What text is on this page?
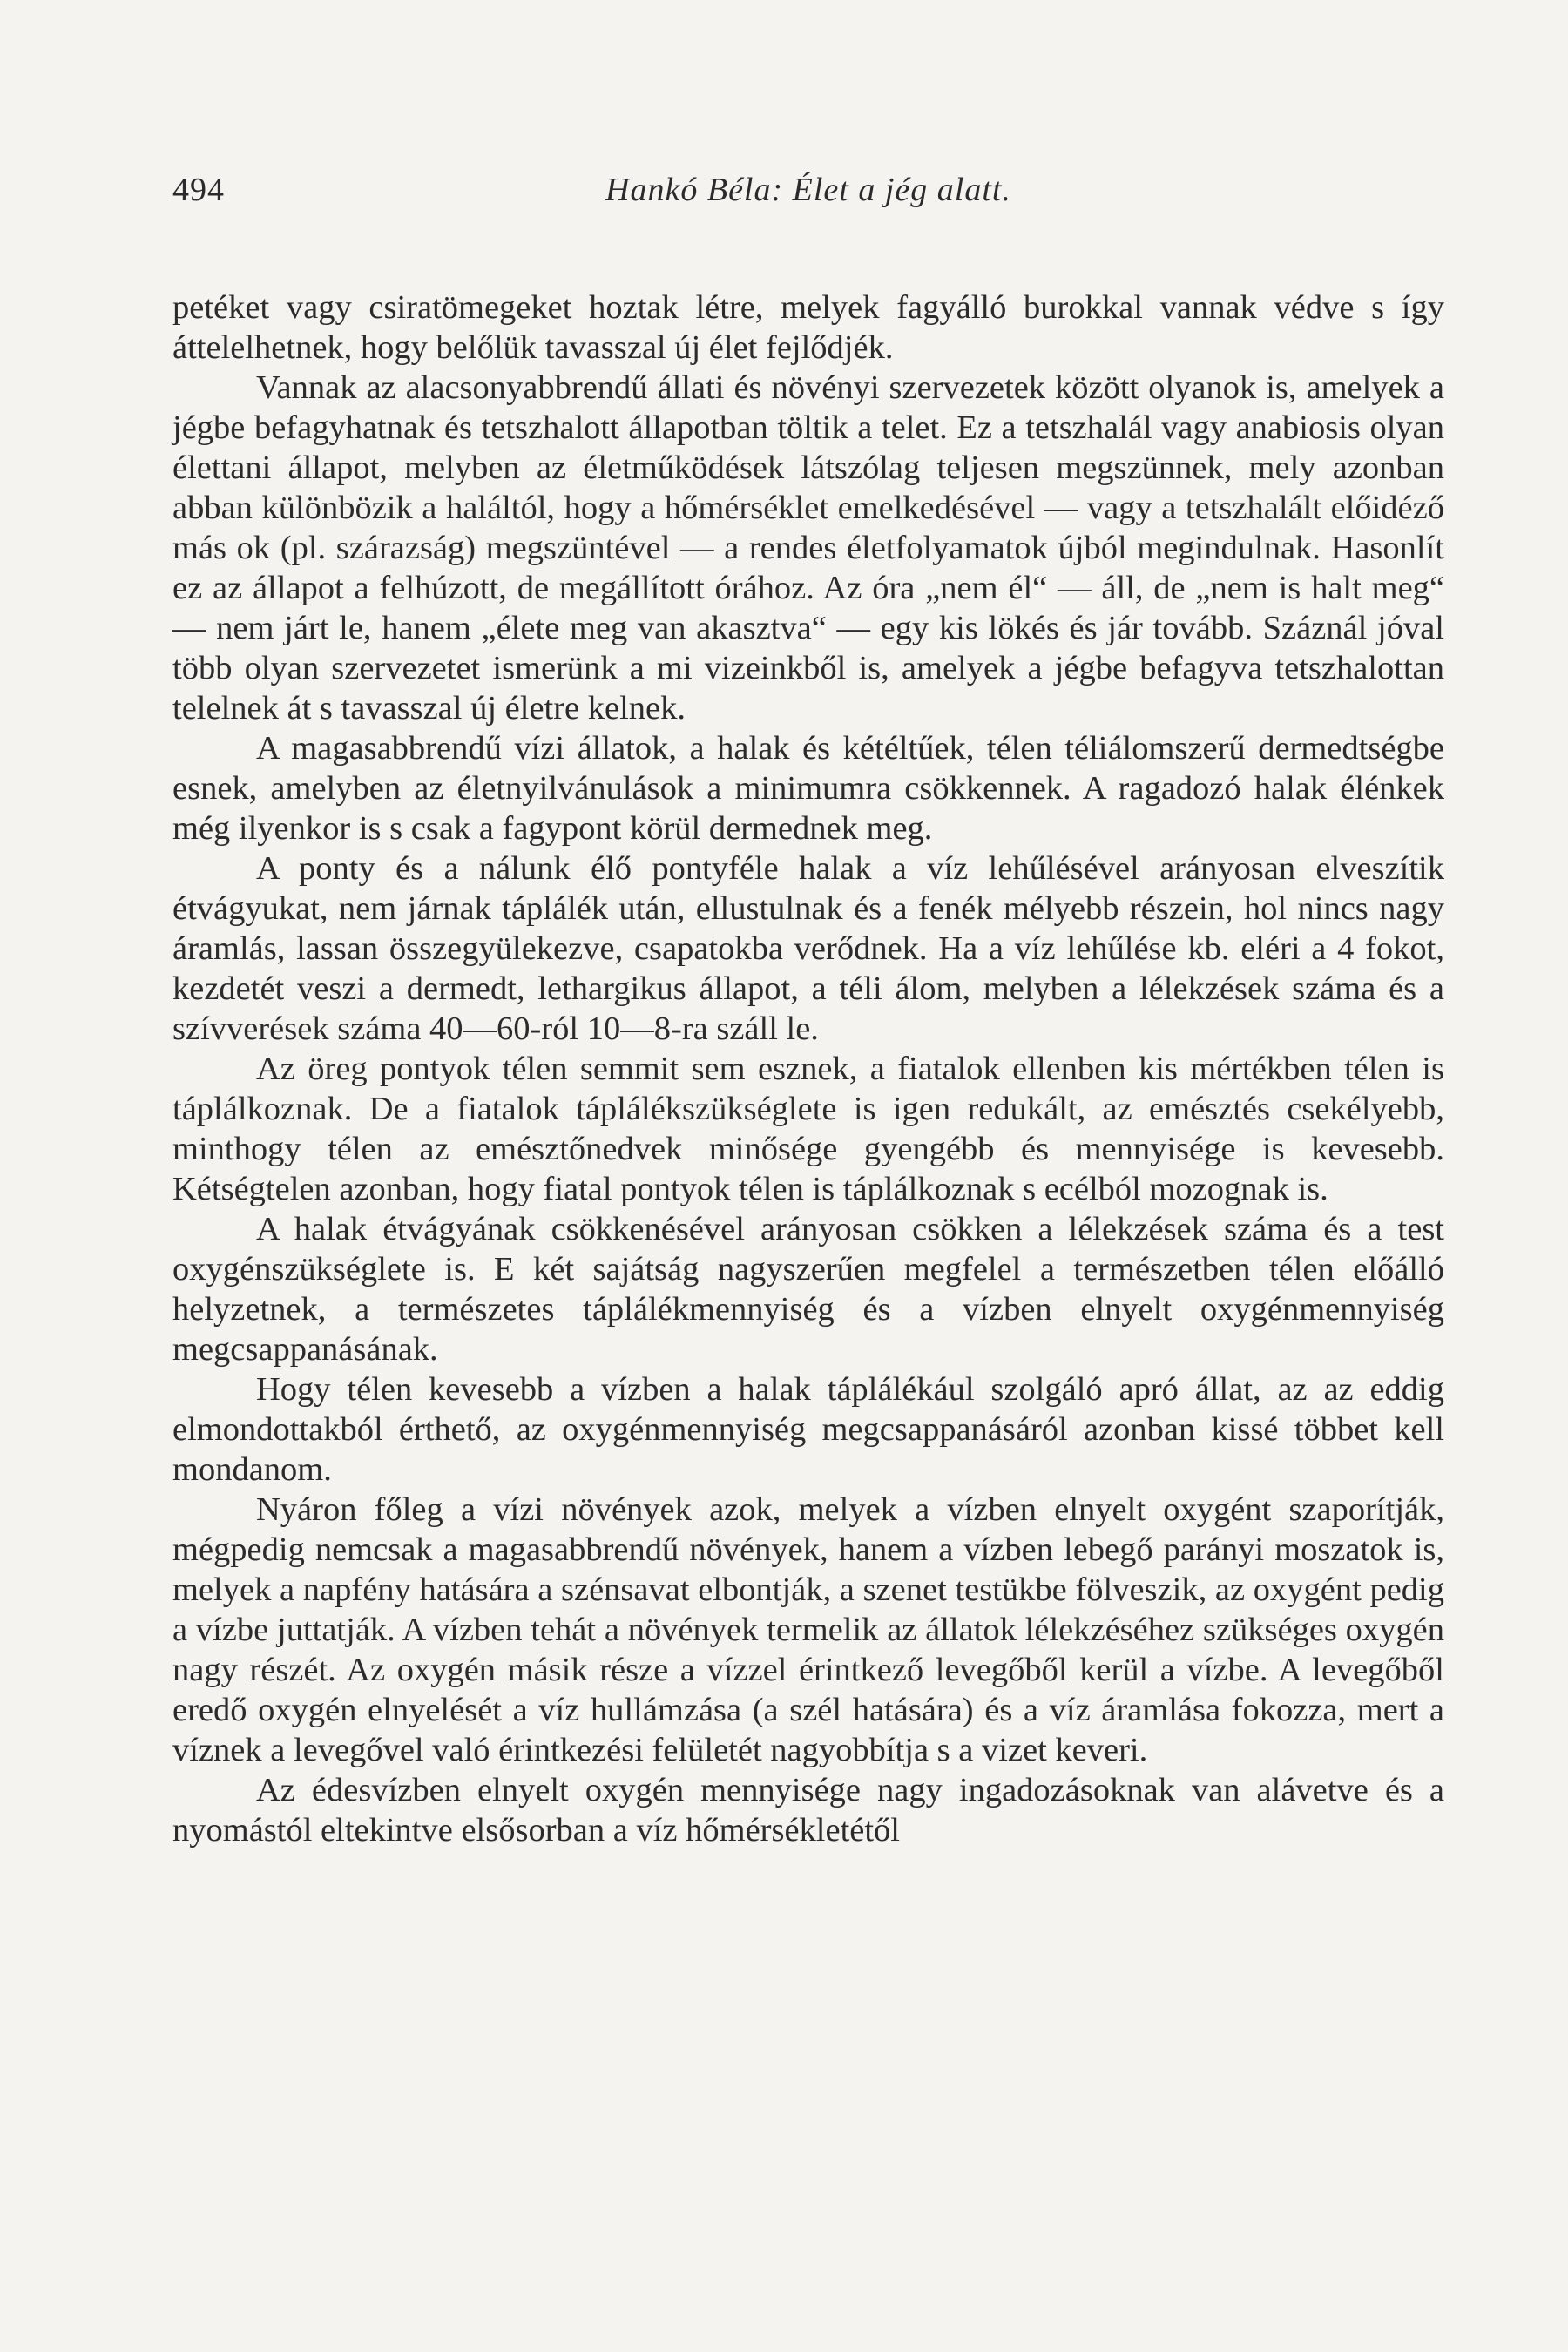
494	Hankó Béla: Élet a jég alatt.

petéket vagy csiratömegeket hoztak létre, melyek fagyálló burokkal vannak védve s így áttelelhetnek, hogy belőlük tavasszal új élet fejlődjék.

Vannak az alacsonyabbrendű állati és növényi szervezetek között olyanok is, amelyek a jégbe befagyhatnak és tetszhalott állapotban töltik a telet. Ez a tetszhalál vagy anabiosis olyan élettani állapot, melyben az életműködések látszólag teljesen megszünnek, mely azonban abban különbözik a haláltól, hogy a hőmérséklet emelkedésével — vagy a tetszhalált előidéző más ok (pl. szárazság) megszüntével — a rendes életfolyamatok újból megindulnak. Hasonlít ez az állapot a felhúzott, de megállított órához. Az óra „nem él“ — áll, de „nem is halt meg“ — nem járt le, hanem „élete meg van akasztva“ — egy kis lökés és jár tovább. Száznál jóval több olyan szervezetet ismerünk a mi vizeinkből is, amelyek a jégbe befagyva tetszhalottan telelnek át s tavasszal új életre kelnek.

A magasabbrendű vízi állatok, a halak és kétéltűek, télen téliálomszerű dermedtségbe esnek, amelyben az életnyilvánulások a minimumra csökkennek. A ragadozó halak élénkek még ilyenkor is s csak a fagypont körül dermednek meg.

A ponty és a nálunk élő pontyféle halak a víz lehűlésével arányosan elveszítik étvágyukat, nem járnak táplálék után, ellustulnak és a fenék mélyebb részein, hol nincs nagy áramlás, lassan összegyülekezve, csapatokba verődnek. Ha a víz lehűlése kb. eléri a 4 fokot, kezdetét veszi a dermedt, lethargikus állapot, a téli álom, melyben a lélekzések száma és a szívverések száma 40—60-ról 10—8-ra száll le.

Az öreg pontyok télen semmit sem esznek, a fiatalok ellenben kis mértékben télen is táplálkoznak. De a fiatalok táplálékszükséglete is igen redukált, az emésztés csekélyebb, minthogy télen az emésztőnedvek minősége gyengébb és mennyisége is kevesebb. Kétségtelen azonban, hogy fiatal pontyok télen is táplálkoznak s ecélból mozognak is.

A halak étvágyának csökkenésével arányosan csökken a lélekzések száma és a test oxygénszükséglete is. E két sajátság nagyszerűen megfelel a természetben télen előálló helyzetnek, a természetes táplálékmennyiség és a vízben elnyelt oxygénmennyiség megcsappanásának.

Hogy télen kevesebb a vízben a halak táplálékául szolgáló apró állat, az az eddig elmondottakból érthető, az oxygénmennyiség megcsappanásáról azonban kissé többet kell mondanom.

Nyáron főleg a vízi növények azok, melyek a vízben elnyelt oxygént szaporítják, mégpedig nemcsak a magasabbrendű növények, hanem a vízben lebegő parányi moszatok is, melyek a napfény hatására a szénsavat elbontják, a szenet testükbe fölveszik, az oxygént pedig a vízbe juttatják. A vízben tehát a növények termelik az állatok lélekzéséhez szükséges oxygén nagy részét. Az oxygén másik része a vízzel érintkező levegőből kerül a vízbe. A levegőből eredő oxygén elnyelését a víz hullámzása (a szél hatására) és a víz áramlása fokozza, mert a víznek a levegővel való érintkezési felületét nagyobbítja s a vizet keveri.

Az édesvízben elnyelt oxygén mennyisége nagy ingadozásoknak van alávetve és a nyomástól eltekintve elsősorban a víz hőmérsékletétől
